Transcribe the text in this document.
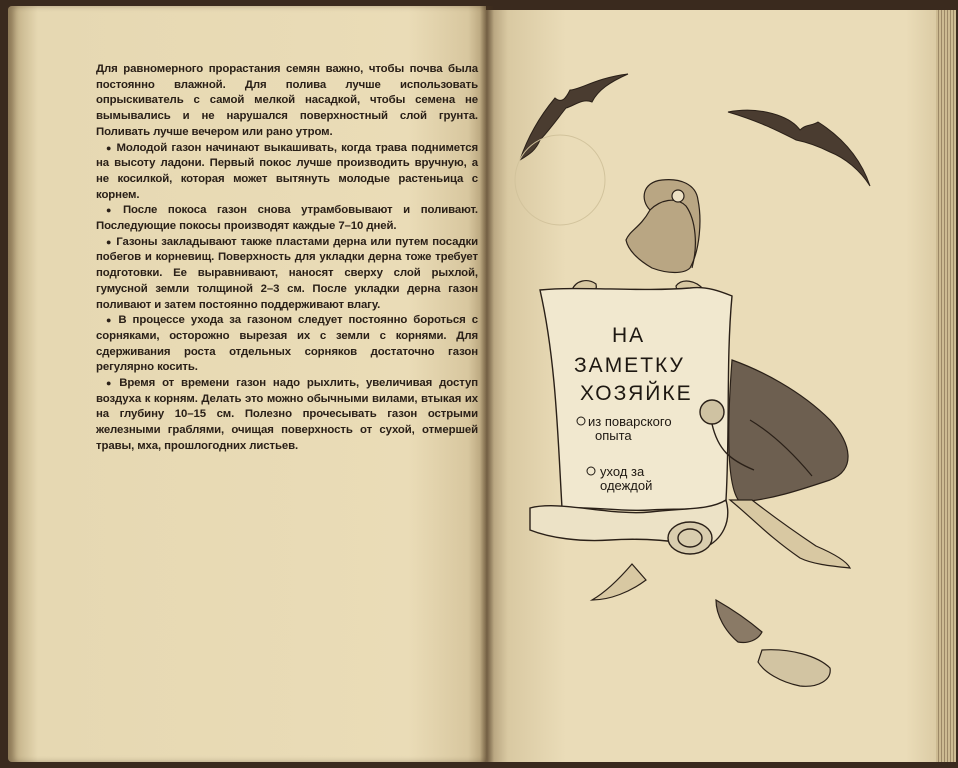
Для равномерного прорастания семян важно, чтобы почва была постоянно влажной. Для полива лучше использовать опрыскиватель с самой мелкой насадкой, чтобы семена не вымывались и не нарушался поверхностный слой грунта. Поливать лучше вечером или рано утром.

● Молодой газон начинают выкашивать, когда трава поднимется на высоту ладони. Первый покос лучше производить вручную, а не косилкой, которая может вытянуть молодые растеньица с корнем.

● После покоса газон снова утрамбовывают и поливают. Последующие покосы производят каждые 7–10 дней.

● Газоны закладывают также пластами дерна или путем посадки побегов и корневищ. Поверхность для укладки дерна тоже требует подготовки. Ее выравнивают, наносят сверху слой рыхлой, гумусной земли толщиной 2–3 см. После укладки дерна газон поливают и затем постоянно поддерживают влагу.

● В процессе ухода за газоном следует постоянно бороться с сорняками, осторожно вырезая их с земли с корнями. Для сдерживания роста отдельных сорняков достаточно газон регулярно косить.

● Время от времени газон надо рыхлить, увеличивая доступ воздуха к корням. Делать это можно обычными вилами, втыкая их на глубину 10–15 см. Полезно прочесывать газон острыми железными граблями, очищая поверхность от сухой, отмершей травы, мха, прошлогодних листьев.

НА
ЗАМЕТКУ
ХОЗЯЙКЕ
из поварского
опыта
уход за
одеждой
